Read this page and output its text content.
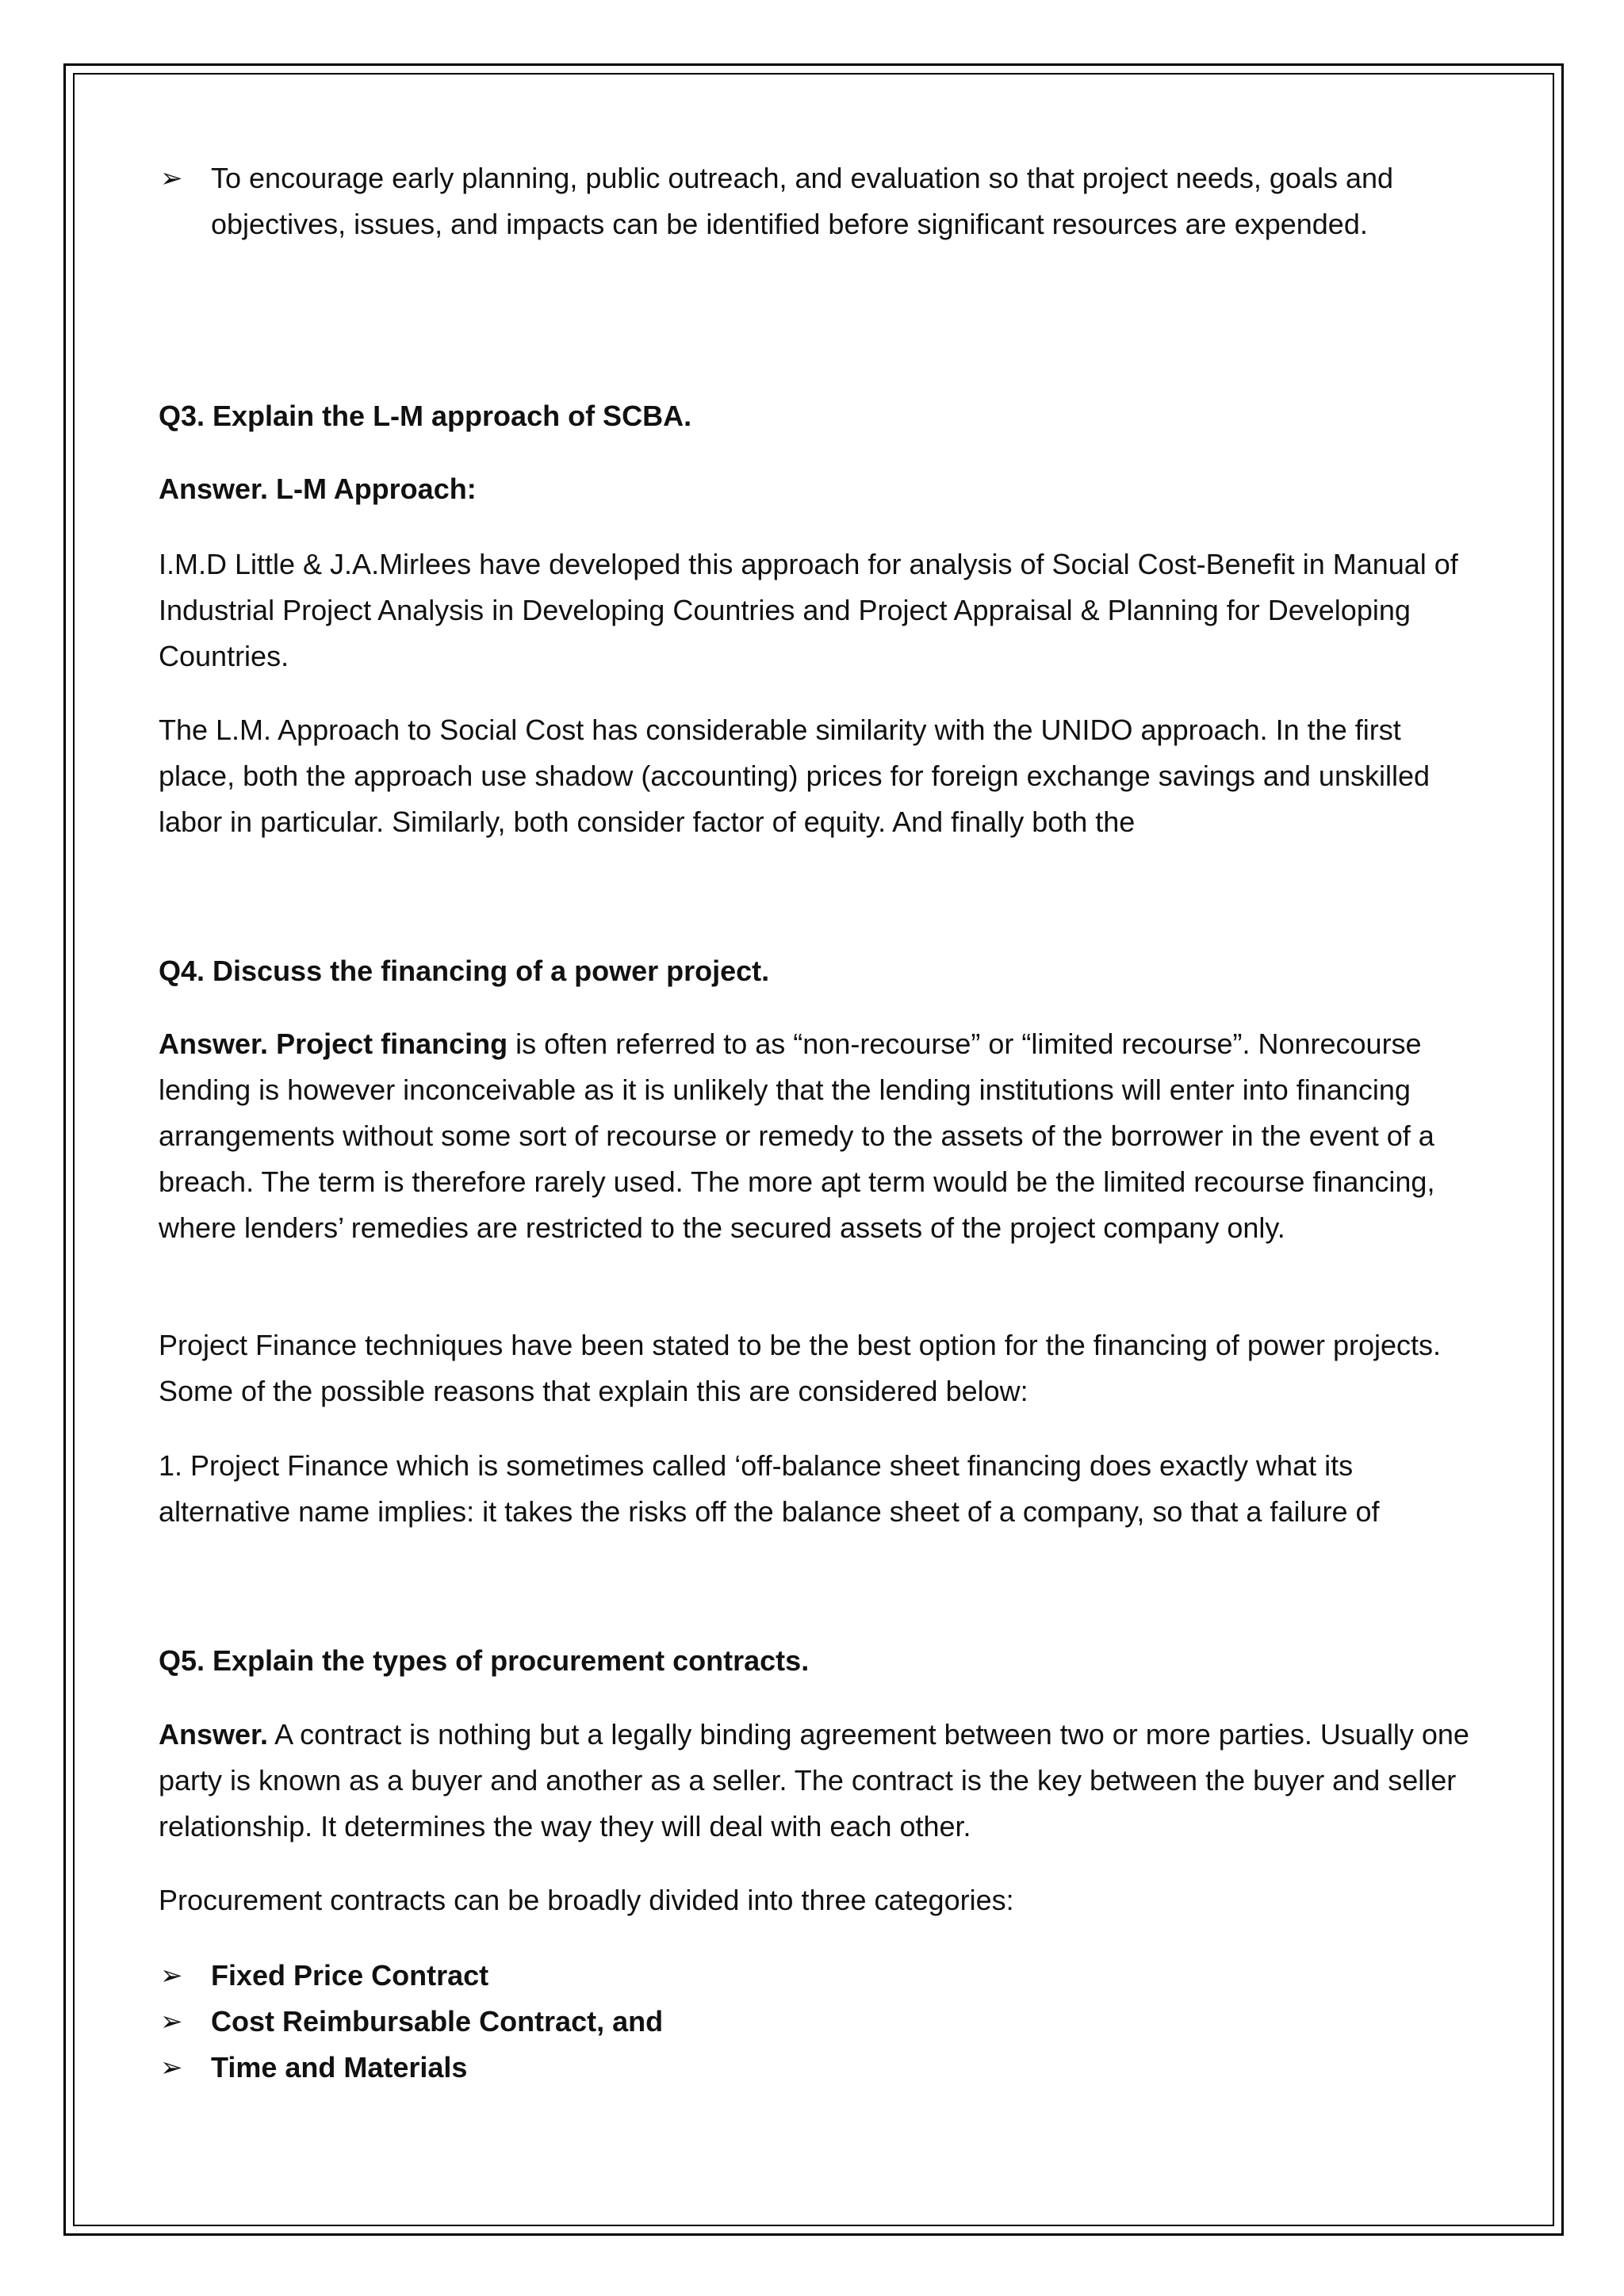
➢ To encourage early planning, public outreach, and evaluation so that project needs, goals and objectives, issues, and impacts can be identified before significant resources are expended.

Q3. Explain the L-M approach of SCBA.

Answer. L-M Approach:

I.M.D Little & J.A.Mirlees have developed this approach for analysis of Social Cost-Benefit in Manual of Industrial Project Analysis in Developing Countries and Project Appraisal & Planning for Developing Countries.

The L.M. Approach to Social Cost has considerable similarity with the UNIDO approach. In the first place, both the approach use shadow (accounting) prices for foreign exchange savings and unskilled labor in particular. Similarly, both consider factor of equity. And finally both the

Q4. Discuss the financing of a power project.

Answer. Project financing is often referred to as “non-recourse” or “limited recourse”. Nonrecourse lending is however inconceivable as it is unlikely that the lending institutions will enter into financing arrangements without some sort of recourse or remedy to the assets of the borrower in the event of a breach. The term is therefore rarely used. The more apt term would be the limited recourse financing, where lenders’ remedies are restricted to the secured assets of the project company only.

Project Finance techniques have been stated to be the best option for the financing of power projects. Some of the possible reasons that explain this are considered below:

1. Project Finance which is sometimes called ‘off-balance sheet financing does exactly what its alternative name implies: it takes the risks off the balance sheet of a company, so that a failure of

Q5. Explain the types of procurement contracts.

Answer. A contract is nothing but a legally binding agreement between two or more parties. Usually one party is known as a buyer and another as a seller. The contract is the key between the buyer and seller relationship. It determines the way they will deal with each other.

Procurement contracts can be broadly divided into three categories:

➢ Fixed Price Contract
➢ Cost Reimbursable Contract, and
➢ Time and Materials
